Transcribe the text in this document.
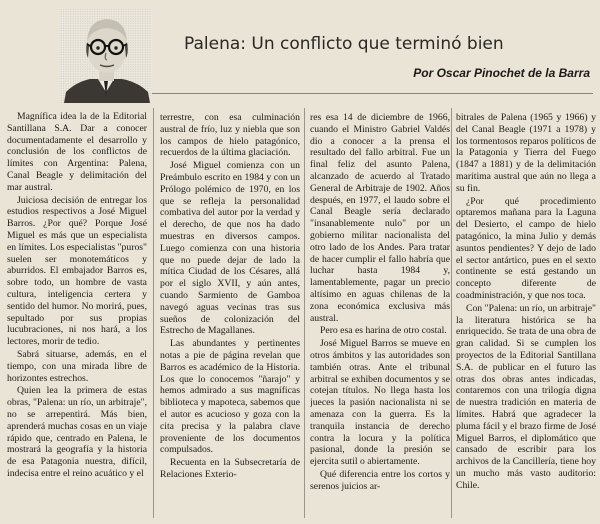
Palena: Un conflicto que terminó bien
Por Oscar Pinochet de la Barra

Magnífica idea la de la Editorial Santillana S.A. Dar a conocer documentadamente el desarrollo y conclusión de los conflictos de límites con Argentina: Palena, Canal Beagle y delimitación del mar austral.

Juiciosa decisión de entregar los estudios respectivos a José Miguel Barros. ¿Por qué? Porque José Miguel es más que un especialista en límites. Los especialistas "puros" suelen ser monotemáticos y aburridos. El embajador Barros es, sobre todo, un hombre de vasta cultura, inteligencia certera y sentido del humor. No morirá, pues, sepultado por sus propias lucubraciones, ni nos hará, a los lectores, morir de tedio.

Sabrá situarse, además, en el tiempo, con una mirada libre de horizontes estrechos.

Quien lea la primera de estas obras, "Palena: un río, un arbitraje", no se arrepentirá. Más bien, aprenderá muchas cosas en un viaje rápido que, centrado en Palena, le mostrará la geografía y la historia de esa Patagonia nuestra, difícil, indecisa entre el reino acuático y el

terrestre, con esa culminación austral de frío, luz y niebla que son los campos de hielo patagónico, recuerdos de la última glaciación.

José Miguel comienza con un Preámbulo escrito en 1984 y con un Prólogo polémico de 1970, en los que se refleja la personalidad combativa del autor por la verdad y el derecho, de que nos ha dado muestras en diversos campos. Luego comienza con una historia que no puede dejar de lado la mítica Ciudad de los Césares, allá por el siglo XVII, y aún antes, cuando Sarmiento de Gamboa navegó aguas vecinas tras sus sueños de colonización del Estrecho de Magallanes.

Las abundantes y pertinentes notas a pie de página revelan que Barros es académico de la Historia. Los que lo conocemos "ñarajo" y hemos admirado a sus magníficas biblioteca y mapoteca, sabemos que el autor es acucioso y goza con la cita precisa y la palabra clave proveniente de los documentos compulsados.

Recuenta en la Subsecretaría de Relaciones Exterio-

res esa 14 de diciembre de 1966, cuando el Ministro Gabriel Valdés dio a conocer a la prensa el resultado del fallo arbitral. Fue un final feliz del asunto Palena, alcanzado de acuerdo al Tratado General de Arbitraje de 1902. Años después, en 1977, el laudo sobre el Canal Beagle sería declarado "insanablemente nulo" por un gobierno militar nacionalista del otro lado de los Andes. Para tratar de hacer cumplir el fallo habría que luchar hasta 1984 y, lamentablemente, pagar un precio altísimo en aguas chilenas de la zona económica exclusiva más austral.

Pero esa es harina de otro costal.

José Miguel Barros se mueve en otros ámbitos y las autoridades son también otras. Ante el tribunal arbitral se exhiben documentos y se cotejan títulos. No llega hasta los jueces la pasión nacionalista ni se amenaza con la guerra. Es la tranquila instancia de derecho contra la locura y la política pasional, donde la presión se ejercita sutil o abiertamente.

Qué diferencia entre los cortos y serenos juicios ar-

bitrales de Palena (1965 y 1966) y del Canal Beagle (1971 a 1978) y los tormentosos reparos políticos de la Patagonia y Tierra del Fuego (1847 a 1881) y de la delimitación marítima austral que aún no llega a su fin.

¿Por qué procedimiento optaremos mañana para la Laguna del Desierto, el campo de hielo patagónico, la mina Julio y demás asuntos pendientes? Y dejo de lado el sector antártico, pues en el sexto continente se está gestando un concepto diferente de coadministración, y que nos toca.

Con "Palena: un río, un arbitraje" la literatura histórica se ha enriquecido. Se trata de una obra de gran calidad. Si se cumplen los proyectos de la Editorial Santillana S.A. de publicar en el futuro las otras dos obras antes indicadas, contaremos con una trilogía digna de nuestra tradición en materia de límites. Habrá que agradecer la pluma fácil y el brazo firme de José Miguel Barros, el diplomático que cansado de escribir para los archivos de la Cancillería, tiene hoy un mucho más vasto auditorio: Chile.
